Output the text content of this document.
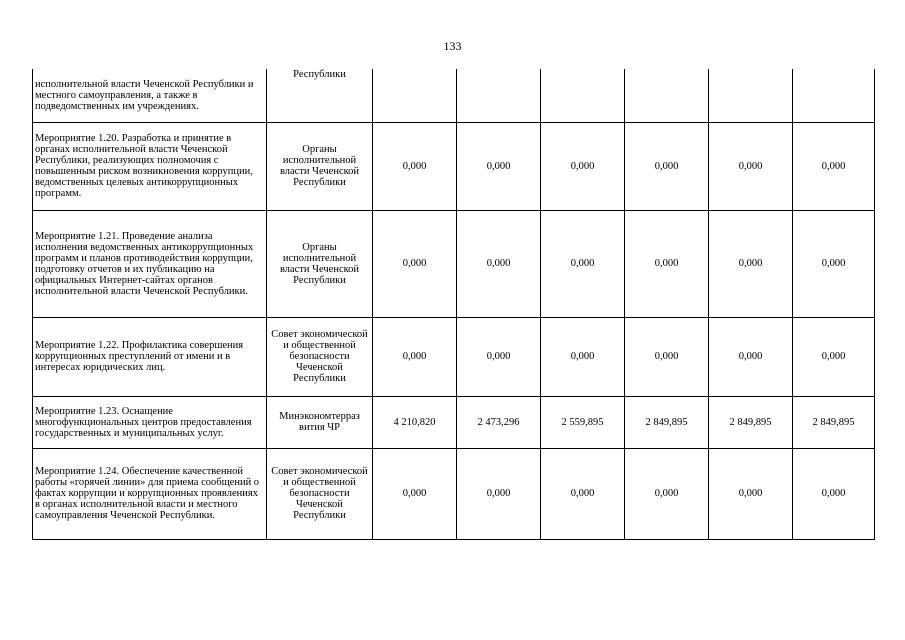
133
исполнительной власти Чеченской Республики и местного самоуправления, а также в подведомственных им учреждениях.	Республики						
Мероприятие 1.20. Разработка и принятие в органах исполнительной власти Чеченской Республики, реализующих полномочия с повышенным риском возникновения коррупции, ведомственных целевых антикоррупционных программ.	Органы исполнительной власти Чеченской Республики	0,000	0,000	0,000	0,000	0,000	0,000
Мероприятие 1.21. Проведение анализа исполнения ведомственных антикоррупционных программ и планов противодействия коррупции, подготовку отчетов и их публикацию на официальных Интернет-сайтах органов исполнительной власти Чеченской Республики.	Органы исполнительной власти Чеченской Республики	0,000	0,000	0,000	0,000	0,000	0,000
Мероприятие 1.22. Профилактика совершения коррупционных преступлений от имени и в интересах юридических лиц.	Совет экономической и общественной безопасности Чеченской Республики	0,000	0,000	0,000	0,000	0,000	0,000
Мероприятие 1.23. Оснащение многофункциональных центров предоставления государственных и муниципальных услуг.	Минэкономтерраз вития ЧР	4 210,820	2 473,296	2 559,895	2 849,895	2 849,895	2 849,895
Мероприятие 1.24. Обеспечение качественной работы «горячей линии» для приема сообщений о фактах коррупции и коррупционных проявлениях в органах исполнительной власти и местного самоуправления Чеченской Республики.	Совет экономической и общественной безопасности Чеченской Республики	0,000	0,000	0,000	0,000	0,000	0,000
